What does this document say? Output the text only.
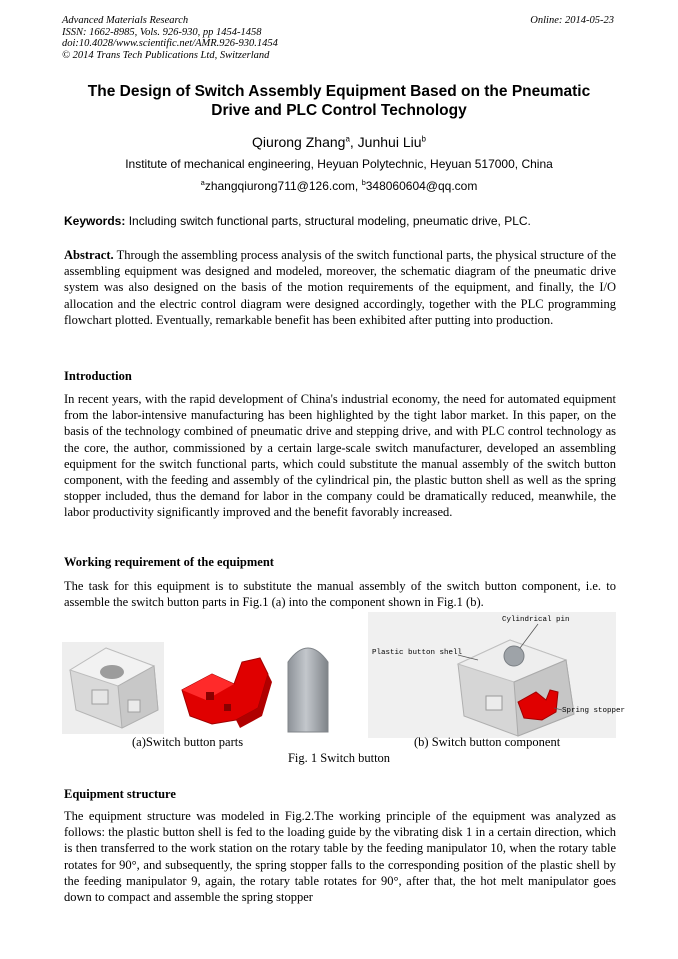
Advanced Materials Research
ISSN: 1662-8985, Vols. 926-930, pp 1454-1458
doi:10.4028/www.scientific.net/AMR.926-930.1454
© 2014 Trans Tech Publications Ltd, Switzerland
Online: 2014-05-23
The Design of Switch Assembly Equipment Based on the Pneumatic
Drive and PLC Control Technology
Qiurong Zhang$^a$, Junhui Liu$^b$
Institute of mechanical engineering, Heyuan Polytechnic, Heyuan 517000, China
$^a$zhangqiurong711@126.com, $^b$348060604@qq.com
Keywords: Including switch functional parts, structural modeling, pneumatic drive, PLC.
Abstract. Through the assembling process analysis of the switch functional parts, the physical structure of the assembling equipment was designed and modeled, moreover, the schematic diagram of the pneumatic drive system was also designed on the basis of the motion requirements of the equipment, and finally, the I/O allocation and the electric control diagram were designed accordingly, together with the PLC programming flowchart plotted. Eventually, remarkable benefit has been exhibited after putting into production.
Introduction
In recent years, with the rapid development of China's industrial economy, the need for automated equipment from the labor-intensive manufacturing has been highlighted by the tight labor market. In this paper, on the basis of the technology combined of pneumatic drive and stepping drive, and with PLC control technology as the core, the author, commissioned by a certain large-scale switch manufacturer, developed an assembling equipment for the switch functional parts, which could substitute the manual assembly of the switch button component, with the feeding and assembly of the cylindrical pin, the plastic button shell as well as the spring stopper included, thus the demand for labor in the company could be dramatically reduced, meanwhile, the labor productivity significantly improved and the benefit favorably increased.
Working requirement of the equipment
The task for this equipment is to substitute the manual assembly of the switch button component, i.e. to assemble the switch button parts in Fig.1 (a) into the component shown in Fig.1 (b).
Cylindrical pin
Plastic button shell
Spring stopper
(a)Switch button parts	(b) Switch button component
Fig. 1 Switch button
Equipment structure
The equipment structure was modeled in Fig.2.The working principle of the equipment was analyzed as follows: the plastic button shell is fed to the loading guide by the vibrating disk 1 in a certain direction, which is then transferred to the work station on the rotary table by the feeding manipulator 10, when the rotary table rotates for 90°, and subsequently, the spring stopper falls to the corresponding position of the plastic shell by the feeding manipulator 9, again, the rotary table rotates for 90°, after that, the hot melt manipulator goes down to compact and assemble the spring stopper
